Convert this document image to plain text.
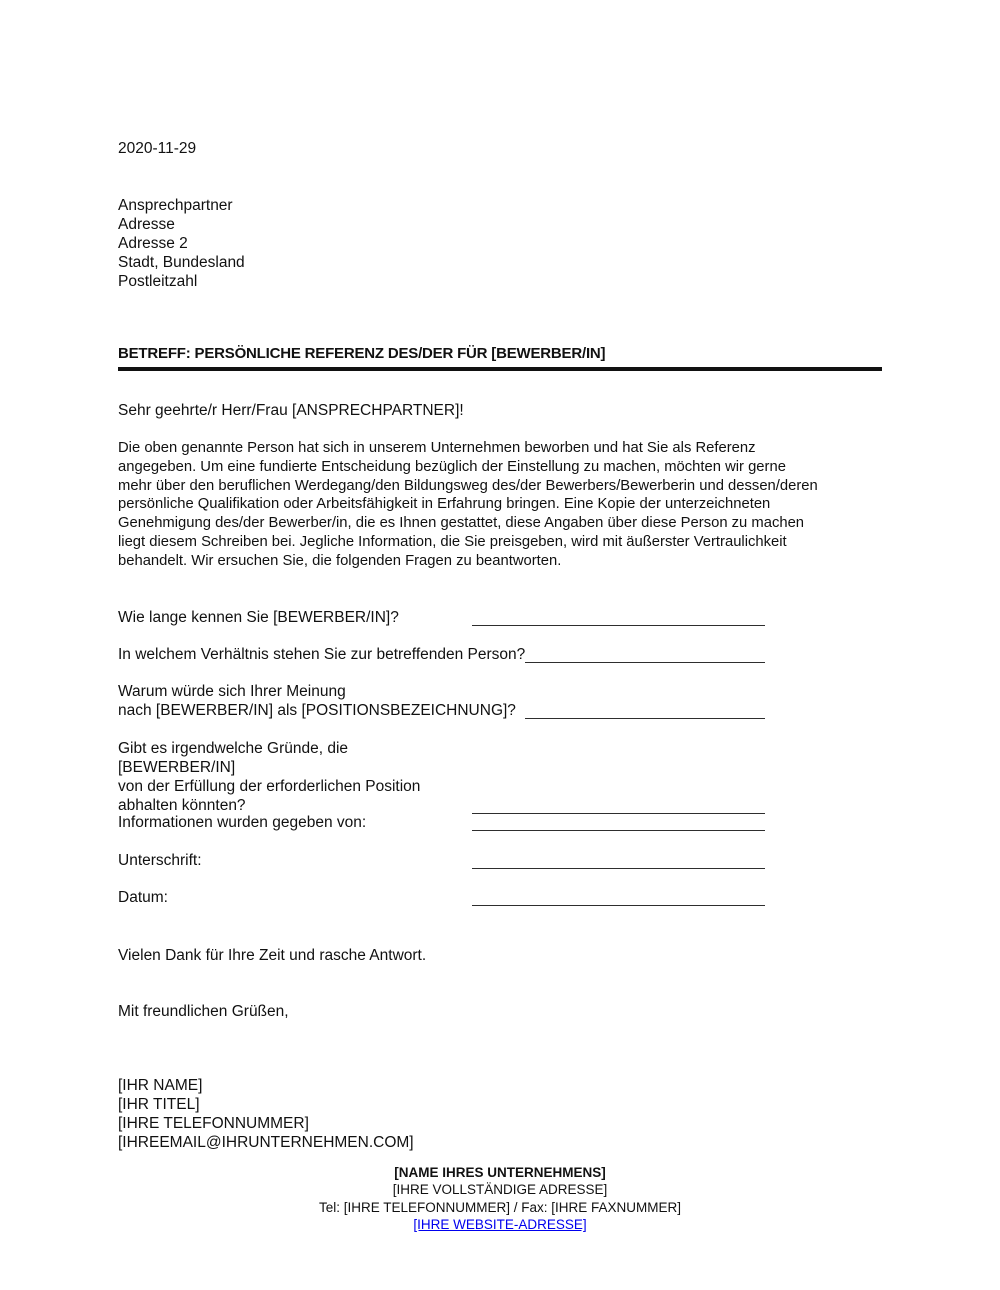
2020-11-29
Ansprechpartner
Adresse
Adresse 2
Stadt, Bundesland
Postleitzahl
BETREFF: PERSÖNLICHE REFERENZ DES/DER FÜR [BEWERBER/IN]
Sehr geehrte/r Herr/Frau [ANSPRECHPARTNER]!
Die oben genannte Person hat sich in unserem Unternehmen beworben und hat Sie als Referenz
angegeben. Um eine fundierte Entscheidung bezüglich der Einstellung zu machen, möchten wir gerne
mehr über den beruflichen Werdegang/den Bildungsweg des/der Bewerbers/Bewerberin und dessen/deren
persönliche Qualifikation oder Arbeitsfähigkeit in Erfahrung bringen. Eine Kopie der unterzeichneten
Genehmigung des/der Bewerber/in, die es Ihnen gestattet, diese Angaben über diese Person zu machen
liegt diesem Schreiben bei. Jegliche Information, die Sie preisgeben, wird mit äußerster Vertraulichkeit
behandelt. Wir ersuchen Sie, die folgenden Fragen zu beantworten.
Wie lange kennen Sie [BEWERBER/IN]?
In welchem Verhältnis stehen Sie zur betreffenden Person?
Warum würde sich Ihrer Meinung
nach [BEWERBER/IN] als [POSITIONSBEZEICHNUNG]?
Gibt es irgendwelche Gründe, die [BEWERBER/IN]
von der Erfüllung der erforderlichen Position
abhalten könnten?
Informationen wurden gegeben von:
Unterschrift:
Datum:
Vielen Dank für Ihre Zeit und rasche Antwort.
Mit freundlichen Grüßen,
[IHR NAME]
[IHR TITEL]
[IHRE TELEFONNUMMER]
[IHREEMAIL@IHRUNTERNEHMEN.COM]
[NAME IHRES UNTERNEHMENS]
[IHRE VOLLSTÄNDIGE ADRESSE]
Tel: [IHRE TELEFONNUMMER] / Fax: [IHRE FAXNUMMER]
[IHRE WEBSITE-ADRESSE]
